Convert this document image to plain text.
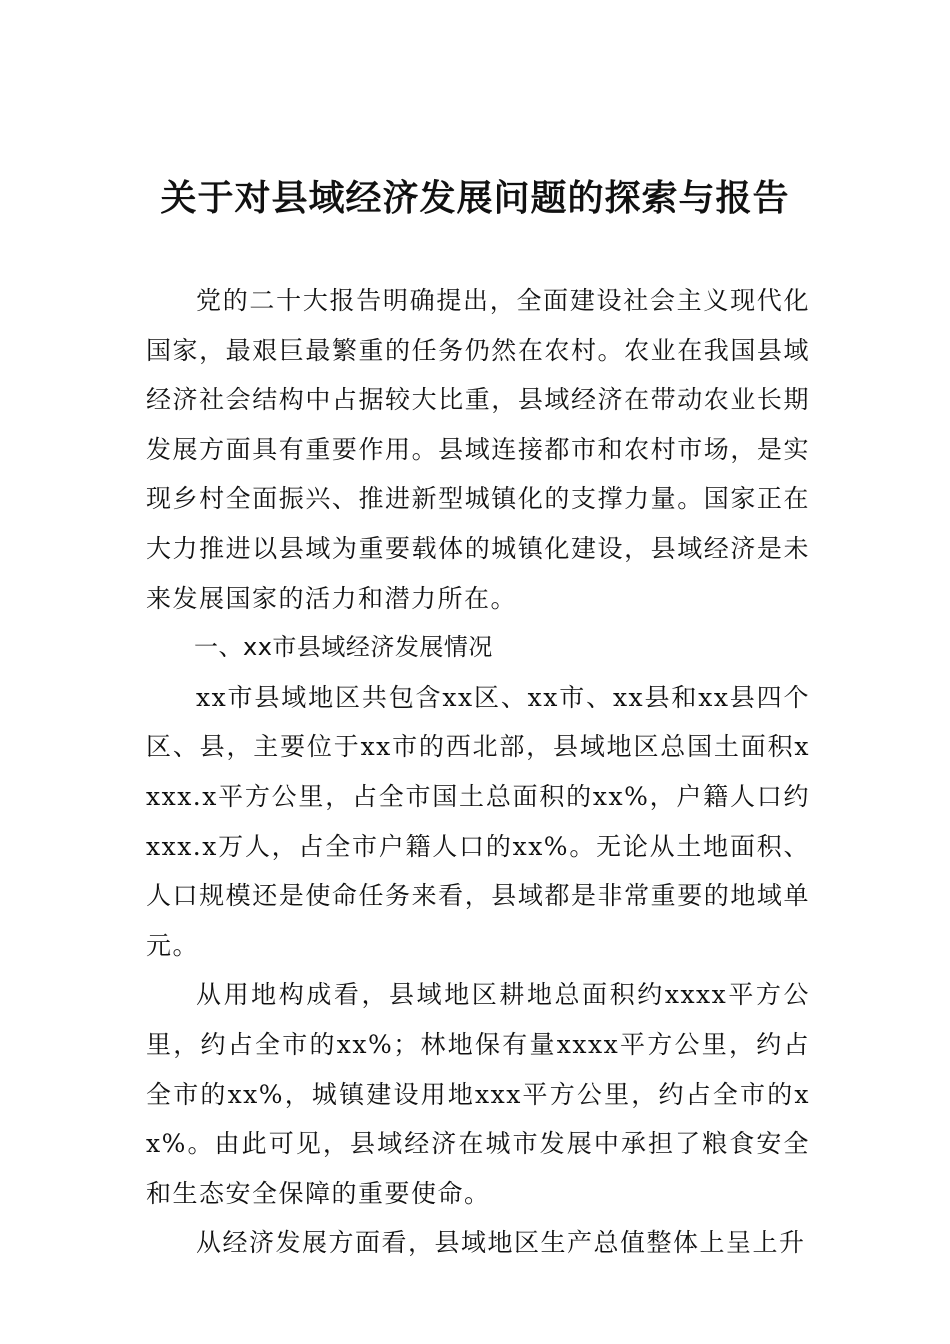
关于对县域经济发展问题的探索与报告

党的二十大报告明确提出，全面建设社会主义现代化国家，最艰巨最繁重的任务仍然在农村。农业在我国县域经济社会结构中占据较大比重，县域经济在带动农业长期发展方面具有重要作用。县域连接都市和农村市场，是实现乡村全面振兴、推进新型城镇化的支撑力量。国家正在大力推进以县域为重要载体的城镇化建设，县域经济是未来发展国家的活力和潜力所在。

一、xx市县域经济发展情况

xx市县域地区共包含xx区、xx市、xx县和xx县四个区、县，主要位于xx市的西北部，县域地区总国土面积xxxx.x平方公里，占全市国土总面积的xx%，户籍人口约xxx.x万人，占全市户籍人口的xx%。无论从土地面积、人口规模还是使命任务来看，县域都是非常重要的地域单元。

从用地构成看，县域地区耕地总面积约xxxx平方公里，约占全市的xx%；林地保有量xxxx平方公里，约占全市的xx%，城镇建设用地xxx平方公里，约占全市的xx%。由此可见，县域经济在城市发展中承担了粮食安全和生态安全保障的重要使命。

从经济发展方面看，县域地区生产总值整体上呈上升
